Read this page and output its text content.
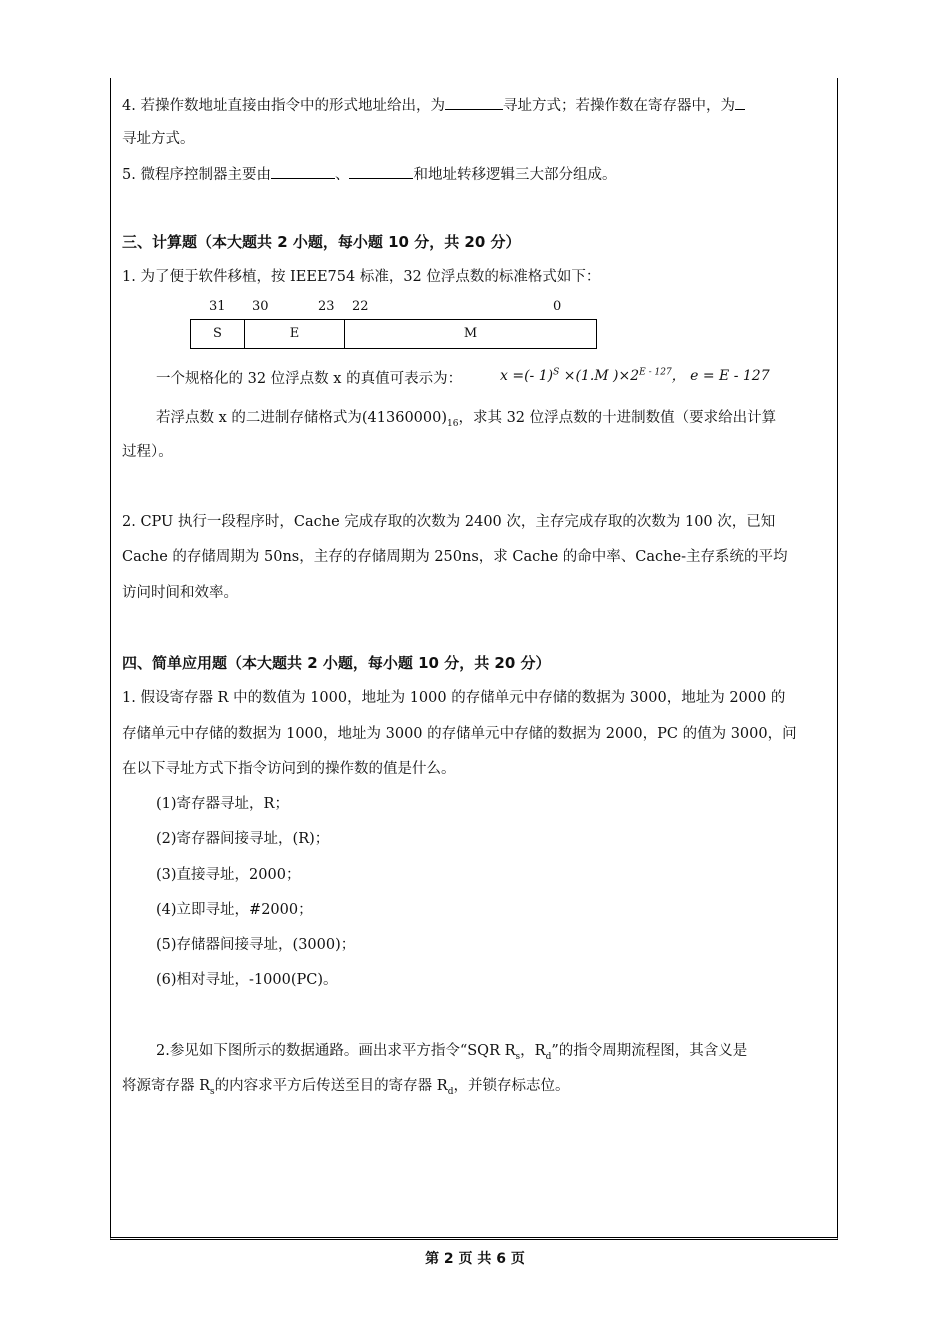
4. 若操作数地址直接由指令中的形式地址给出，为	寻址方式；若操作数在寄存器中，为
寻址方式。
5. 微程序控制器主要由	、	和地址转移逻辑三大部分组成。
三、计算题（本大题共 2 小题，每小题 10 分，共 20 分）
1. 为了便于软件移植，按 IEEE754 标准，32 位浮点数的标准格式如下：
31 30	23 22	0
S	E	M
一个规格化的 32 位浮点数 x 的真值可表示为：	x =(- 1)$^S$ ×(1.M )$\times 2^{E - 127}$， e = E - 127
若浮点数 x 的二进制存储格式为$(41360000)_{16}$，求其 32 位浮点数的十进制数值（要求给出计算
过程）。
2. CPU 执行一段程序时，Cache 完成存取的次数为 2400 次，主存完成存取的次数为 100 次，已知
Cache 的存储周期为 50ns，主存的存储周期为 250ns，求 Cache 的命中率、Cache-主存系统的平均
访问时间和效率。
四、简单应用题（本大题共 2 小题，每小题 10 分，共 20 分）
1. 假设寄存器 R 中的数值为 1000，地址为 1000 的存储单元中存储的数据为 3000，地址为 2000 的
存储单元中存储的数据为 1000，地址为 3000 的存储单元中存储的数据为 2000，PC 的值为 3000，问
在以下寻址方式下指令访问到的操作数的值是什么。
(1)寄存器寻址，R；
(2)寄存器间接寻址，(R)；
(3)直接寻址，2000；
(4)立即寻址，#2000；
(5)存储器间接寻址，(3000)；
(6)相对寻址，-1000(PC)。
2.参见如下图所示的数据通路。画出求平方指令“SQR $R_s$，$R_d$”的指令周期流程图，其含义是
将源寄存器 $R_s$的内容求平方后传送至目的寄存器 $R_d$，并锁存标志位。
第 2 页 共 6 页
